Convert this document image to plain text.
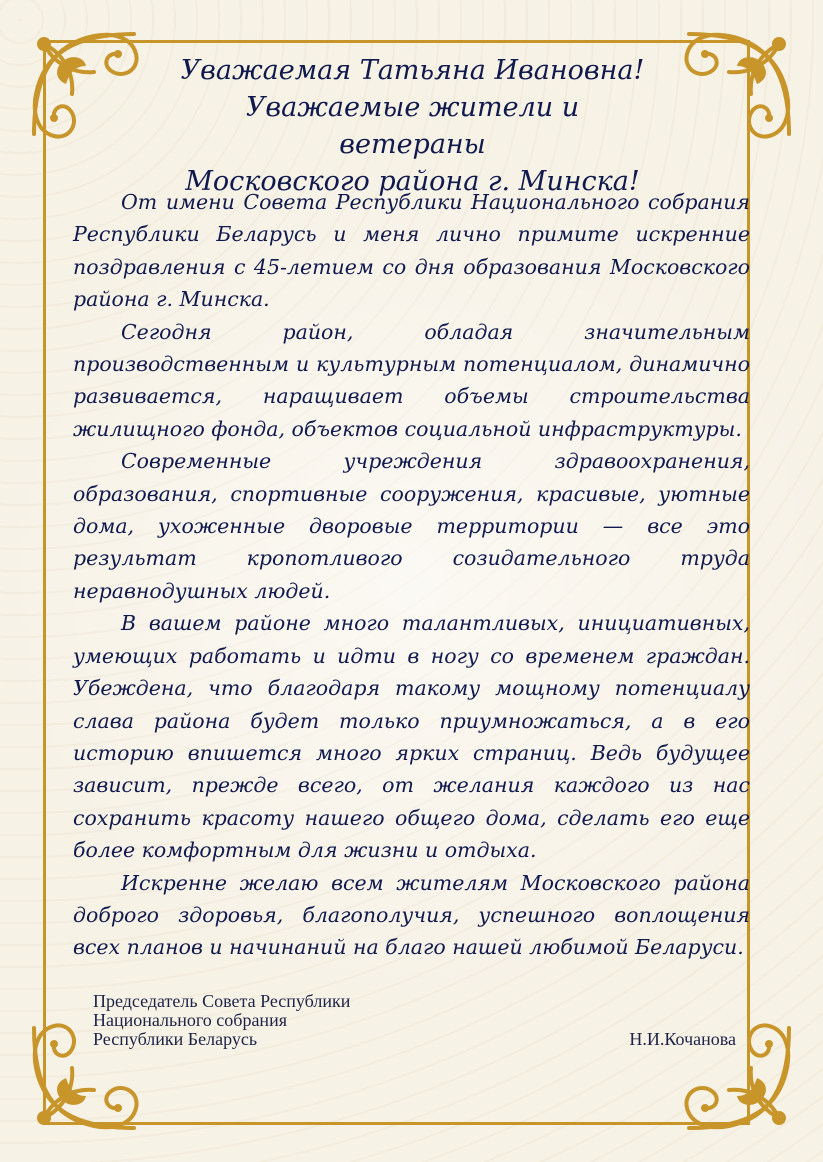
Уважаемая Татьяна Ивановна!
Уважаемые жители и ветераны
Московского района г. Минска!

От имени Совета Республики Национального собрания Республики Беларусь и меня лично примите искренние поздравления с 45-летием со дня образования Московского района г. Минска.

Сегодня район, обладая значительным производственным и культурным потенциалом, динамично развивается, наращивает объемы строительства жилищного фонда, объектов социальной инфраструктуры.

Современные учреждения здравоохранения, образования, спортивные сооружения, красивые, уютные дома, ухоженные дворовые территории — все это результат кропотливого созидательного труда неравнодушных людей.

В вашем районе много талантливых, инициативных, умеющих работать и идти в ногу со временем граждан. Убеждена, что благодаря такому мощному потенциалу слава района будет только приумножаться, а в его историю впишется много ярких страниц. Ведь будущее зависит, прежде всего, от желания каждого из нас сохранить красоту нашего общего дома, сделать его еще более комфортным для жизни и отдыха.

Искренне желаю всем жителям Московского района доброго здоровья, благополучия, успешного воплощения всех планов и начинаний на благо нашей любимой Беларуси.

Председатель Совета Республики
Национального собрания
Республики Беларусь	Н.И.Кочанова
